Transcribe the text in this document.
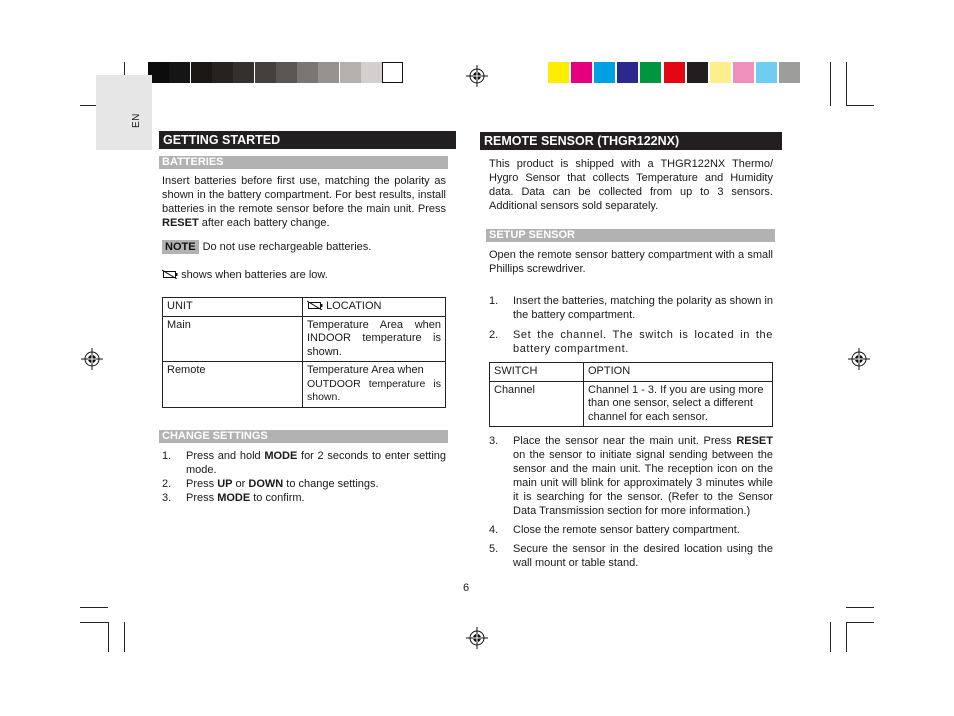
EN
GETTING STARTED
BATTERIES
Insert batteries before first use, matching the polarity as shown in the battery compartment. For best results, install batteries in the remote sensor before the main unit. Press RESET after each battery change.
NOTE Do not use rechargeable batteries.
shows when batteries are low.
UNIT	LOCATION
Main	Temperature Area when INDOOR temperature is shown.
Remote	Temperature Area when
OUTDOOR temperature is shown.
CHANGE SETTINGS
1. Press and hold MODE for 2 seconds to enter setting mode.
2. Press UP or DOWN to change settings.
3. Press MODE to confirm.
REMOTE SENSOR (THGR122NX)
This product is shipped with a THGR122NX Thermo/ Hygro Sensor that collects Temperature and Humidity data. Data can be collected from up to 3 sensors. Additional sensors sold separately.
SETUP SENSOR
Open the remote sensor battery compartment with a small Phillips screwdriver.
1. Insert the batteries, matching the polarity as shown in the battery compartment.
2. Set the channel. The switch is located in the battery compartment.
SWITCH	OPTION
Channel	Channel 1 - 3. If you are using more than one sensor, select a different channel for each sensor.
3. Place the sensor near the main unit. Press RESET on the sensor to initiate signal sending between the sensor and the main unit. The reception icon on the main unit will blink for approximately 3 minutes while it is searching for the sensor. (Refer to the Sensor Data Transmission section for more information.)
4. Close the remote sensor battery compartment.
5. Secure the sensor in the desired location using the wall mount or table stand.
6
